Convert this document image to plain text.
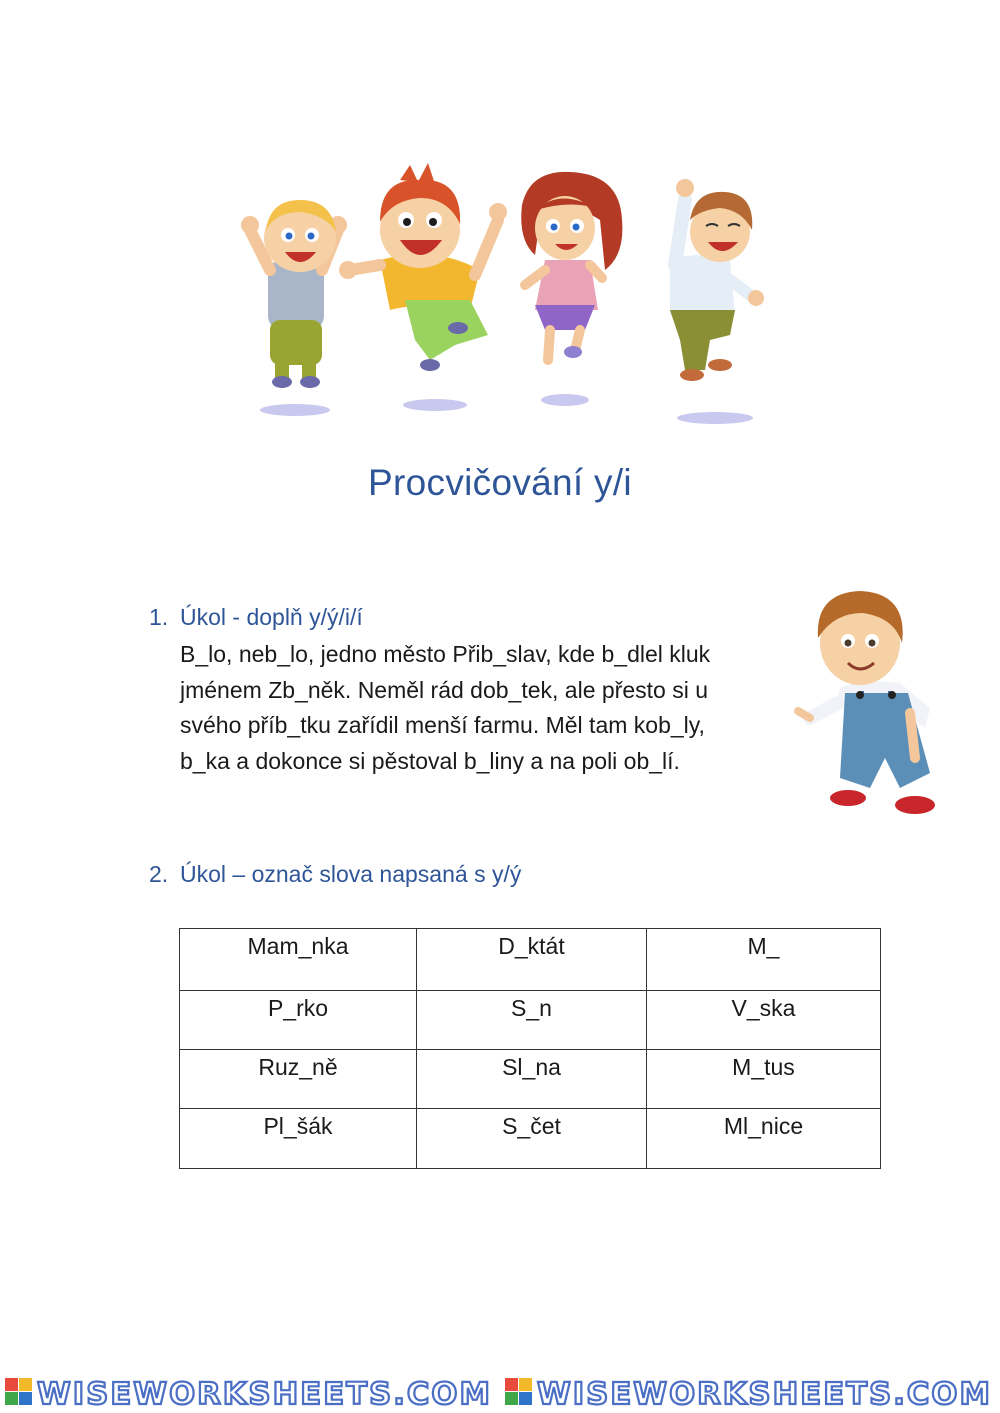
Procvičování y/i
1. Úkol - doplň y/ý/i/í
B_lo, neb_lo, jedno město Přib_slav, kde b_dlel kluk
jménem Zb_něk. Neměl rád dob_tek, ale přesto si u
svého příb_tku zařídil menší farmu. Měl tam kob_ly,
b_ka a dokonce si pěstoval b_liny a na poli ob_lí.
2. Úkol – označ slova napsaná s y/ý
Mam_nka	D_ktát	M_
P_rko	S_n	V_ska
Ruz_ně	Sl_na	M_tus
Pl_šák	S_čet	Ml_nice
WISEWORKSHEETS.COM WISEWORKSHEETS.COM
